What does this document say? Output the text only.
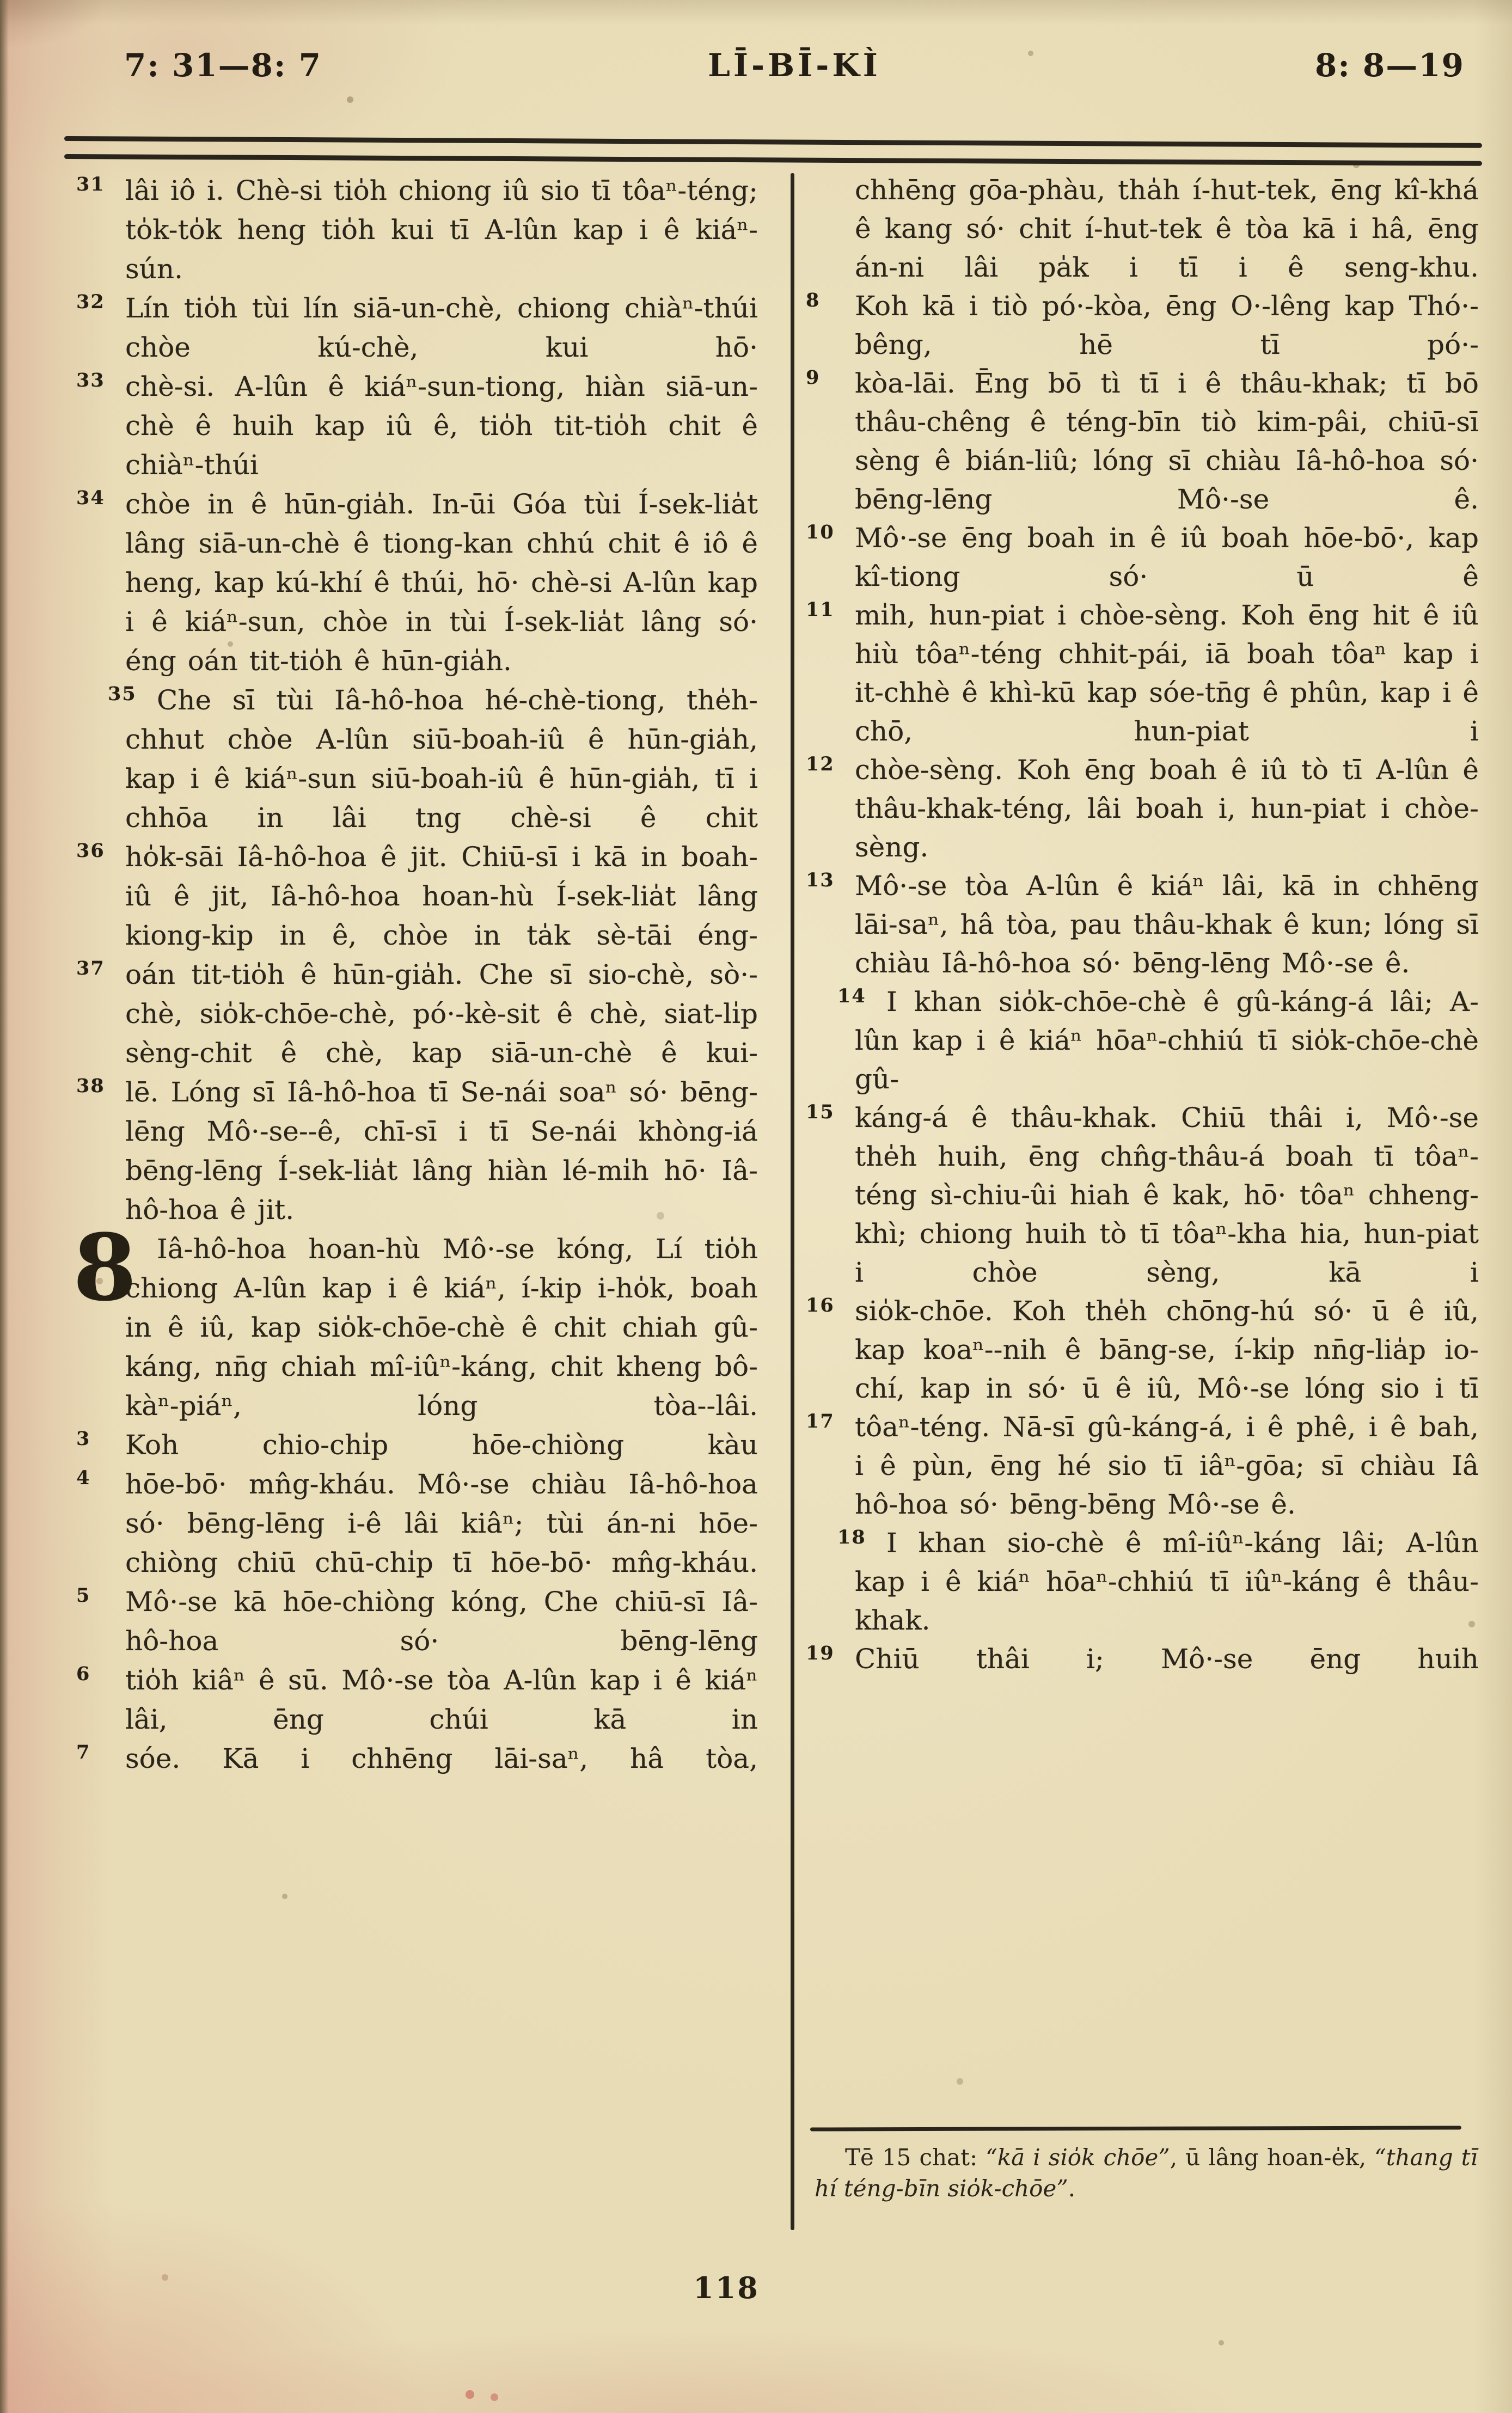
7: 31—8: 7	LĪ-BĪ-KÌ	8: 8—19

31 lâi iô i. Chè-si tio̍h chiong iû sio tī tôaⁿ-téng; to̍k-to̍k heng tio̍h kui tī A-lûn kap i ê kiáⁿ-sún.

32 Lín tio̍h tùi lín siā-un-chè, chiong chiàⁿ-thúi chòe kú-chè, kui hō·

33 chè-si. A-lûn ê kiáⁿ-sun-tiong, hiàn siā-un-chè ê huih kap iû ê, tio̍h tit-tio̍h chit ê chiàⁿ-thúi

34 chòe in ê hūn-gia̍h. In-ūi Góa tùi Í-sek-lia̍t lâng siā-un-chè ê tiong-kan chhú chit ê iô ê heng, kap kú-khí ê thúi, hō· chè-si A-lûn kap i ê kiáⁿ-sun, chòe in tùi Í-sek-lia̍t lâng só· éng oán tit-tio̍h ê hūn-gia̍h.

35 Che sī tùi Iâ-hô-hoa hé-chè-tiong, the̍h-chhut chòe A-lûn siū-boah-iû ê hūn-gia̍h, kap i ê kiáⁿ-sun siū-boah-iû ê hūn-gia̍h, tī i chhōa in lâi tng chè-si ê chit

36 ho̍k-sāi Iâ-hô-hoa ê jit. Chiū-sī i kā in boah-iû ê jit, Iâ-hô-hoa hoan-hù Í-sek-lia̍t lâng kiong-kip in ê, chòe in ta̍k sè-tāi éng-

37 oán tit-tio̍h ê hūn-gia̍h. Che sī sio-chè, sò·-chè, sio̍k-chōe-chè, pó·-kè-sit ê chè, siat-li̍p sèng-chit ê chè, kap siā-un-chè ê kui-

38 lē. Lóng sī Iâ-hô-hoa tī Se-nái soaⁿ só· bēng-lēng Mô·-se--ê, chī-sī i tī Se-nái khòng-iá bēng-lēng Í-sek-lia̍t lâng hiàn lé-mi̍h hō· Iâ-hô-hoa ê jit.

8 Iâ-hô-hoa hoan-hù Mô·-se kóng, Lí tio̍h chiong A-lûn kap i ê kiáⁿ, í-kip i-ho̍k, boah in ê iû, kap sio̍k-chōe-chè ê chit chiah gû-káng, nn̄g chiah mî-iûⁿ-káng, chit kheng bô-kàⁿ-piáⁿ, lóng tòa--lâi.

3	Koh chio-chi̍p hōe-chiòng kàu

4	hōe-bō· mn̂g-kháu. Mô·-se chiàu Iâ-hô-hoa só· bēng-lēng i-ê lâi kiâⁿ; tùi án-ni hōe-chiòng chiū chū-chi̍p tī hōe-bō· mn̂g-kháu.

5	Mô·-se kā hōe-chiòng kóng, Che chiū-sī Iâ-hô-hoa só· bēng-lēng

6	tio̍h kiâⁿ ê sū. Mô·-se tòa A-lûn kap i ê kiáⁿ lâi, ēng chúi kā in

7	sóe. Kā i chhēng lāi-saⁿ, hâ tòa,

chhēng gōa-phàu, tha̍h í-hut-tek, ēng kî-khá ê kang só· chit í-hut-tek ê tòa kā i hâ, ēng án-ni lâi pa̍k i tī i ê seng-khu.

8	Koh kā i tiò pó·-kòa, ēng O·-lêng kap Thó·-bêng, hē tī pó·-

9	kòa-lāi. Ēng bō tì tī i ê thâu-khak; tī bō thâu-chêng ê téng-bīn tiò kim-pâi, chiū-sī sèng ê bián-liû; lóng sī chiàu Iâ-hô-hoa só· bēng-lēng Mô·-se ê.

10 Mô·-se ēng boah in ê iû boah hōe-bō·, kap kî-tiong só· ū ê

11 mi̍h, hun-piat i chòe-sèng. Koh ēng hit ê iû hiù tôaⁿ-téng chhit-pái, iā boah tôaⁿ kap i it-chhè ê khì-kū kap sóe-tn̄g ê phûn, kap i ê chō, hun-piat i

12 chòe-sèng. Koh ēng boah ê iû tò tī A-lûn ê thâu-khak-téng, lâi boah i, hun-piat i chòe-sèng.

13 Mô·-se tòa A-lûn ê kiáⁿ lâi, kā in chhēng lāi-saⁿ, hâ tòa, pau thâu-khak ê kun; lóng sī chiàu Iâ-hô-hoa só· bēng-lēng Mô·-se ê.

14 I khan sio̍k-chōe-chè ê gû-káng-á lâi; A-lûn kap i ê kiáⁿ hōaⁿ-chhiú tī sio̍k-chōe-chè gû-

15 káng-á ê thâu-khak. Chiū thâi i, Mô·-se the̍h huih, ēng chn̂g-thâu-á boah tī tôaⁿ-téng sì-chiu-ûi hiah ê kak, hō· tôaⁿ chheng-khì; chiong huih tò tī tôaⁿ-kha hia, hun-piat i chòe sèng, kā i

16 sio̍k-chōe. Koh the̍h chōng-hú só· ū ê iû, kap koaⁿ--nih ê bāng-se, í-ki̍p nn̄g-lia̍p io-chí, kap in só· ū ê iû, Mô·-se lóng sio i tī

17 tôaⁿ-téng. Nā-sī gû-káng-á, i ê phê, i ê bah, i ê pùn, ēng hé sio tī iâⁿ-gōa; sī chiàu Iâ hô-hoa só· bēng-bēng Mô·-se ê.

18 I khan sio-chè ê mî-iûⁿ-káng lâi; A-lûn kap i ê kiáⁿ hōaⁿ-chhiú tī iûⁿ-káng ê thâu-khak.

19 Chiū thâi i; Mô·-se ēng huih

Tē 15 chat: “kā i sio̍k chōe”, ū lâng hoan-e̍k, “thang tī hí téng-bīn sio̍k-chōe”.

118
